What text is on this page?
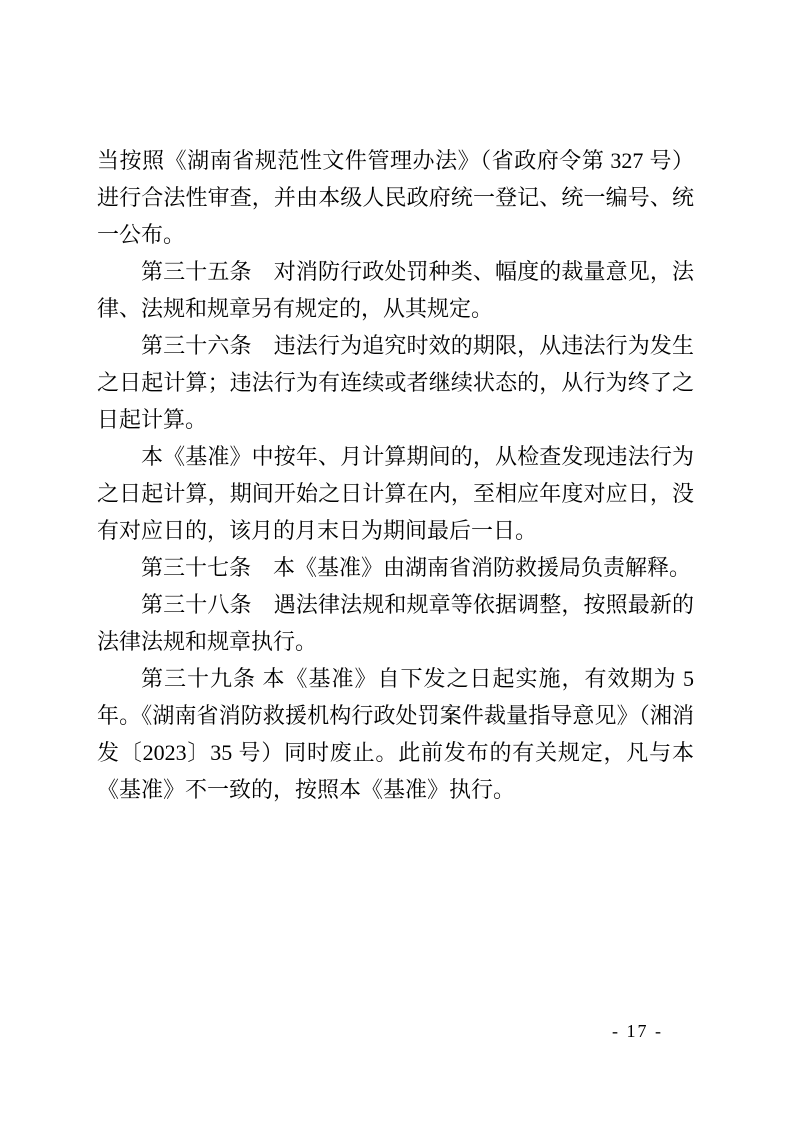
当按照《湖南省规范性文件管理办法》（省政府令第 327 号）进行合法性审查，并由本级人民政府统一登记、统一编号、统一公布。

第三十五条　对消防行政处罚种类、幅度的裁量意见，法律、法规和规章另有规定的，从其规定。

第三十六条　违法行为追究时效的期限，从违法行为发生之日起计算；违法行为有连续或者继续状态的，从行为终了之日起计算。

本《基准》中按年、月计算期间的，从检查发现违法行为之日起计算，期间开始之日计算在内，至相应年度对应日，没有对应日的，该月的月末日为期间最后一日。

第三十七条　本《基准》由湖南省消防救援局负责解释。

第三十八条　遇法律法规和规章等依据调整，按照最新的法律法规和规章执行。

第三十九条 本《基准》自下发之日起实施，有效期为 5 年。《湖南省消防救援机构行政处罚案件裁量指导意见》（湘消发〔2023〕35 号）同时废止。此前发布的有关规定，凡与本《基准》不一致的，按照本《基准》执行。

- 17 -
